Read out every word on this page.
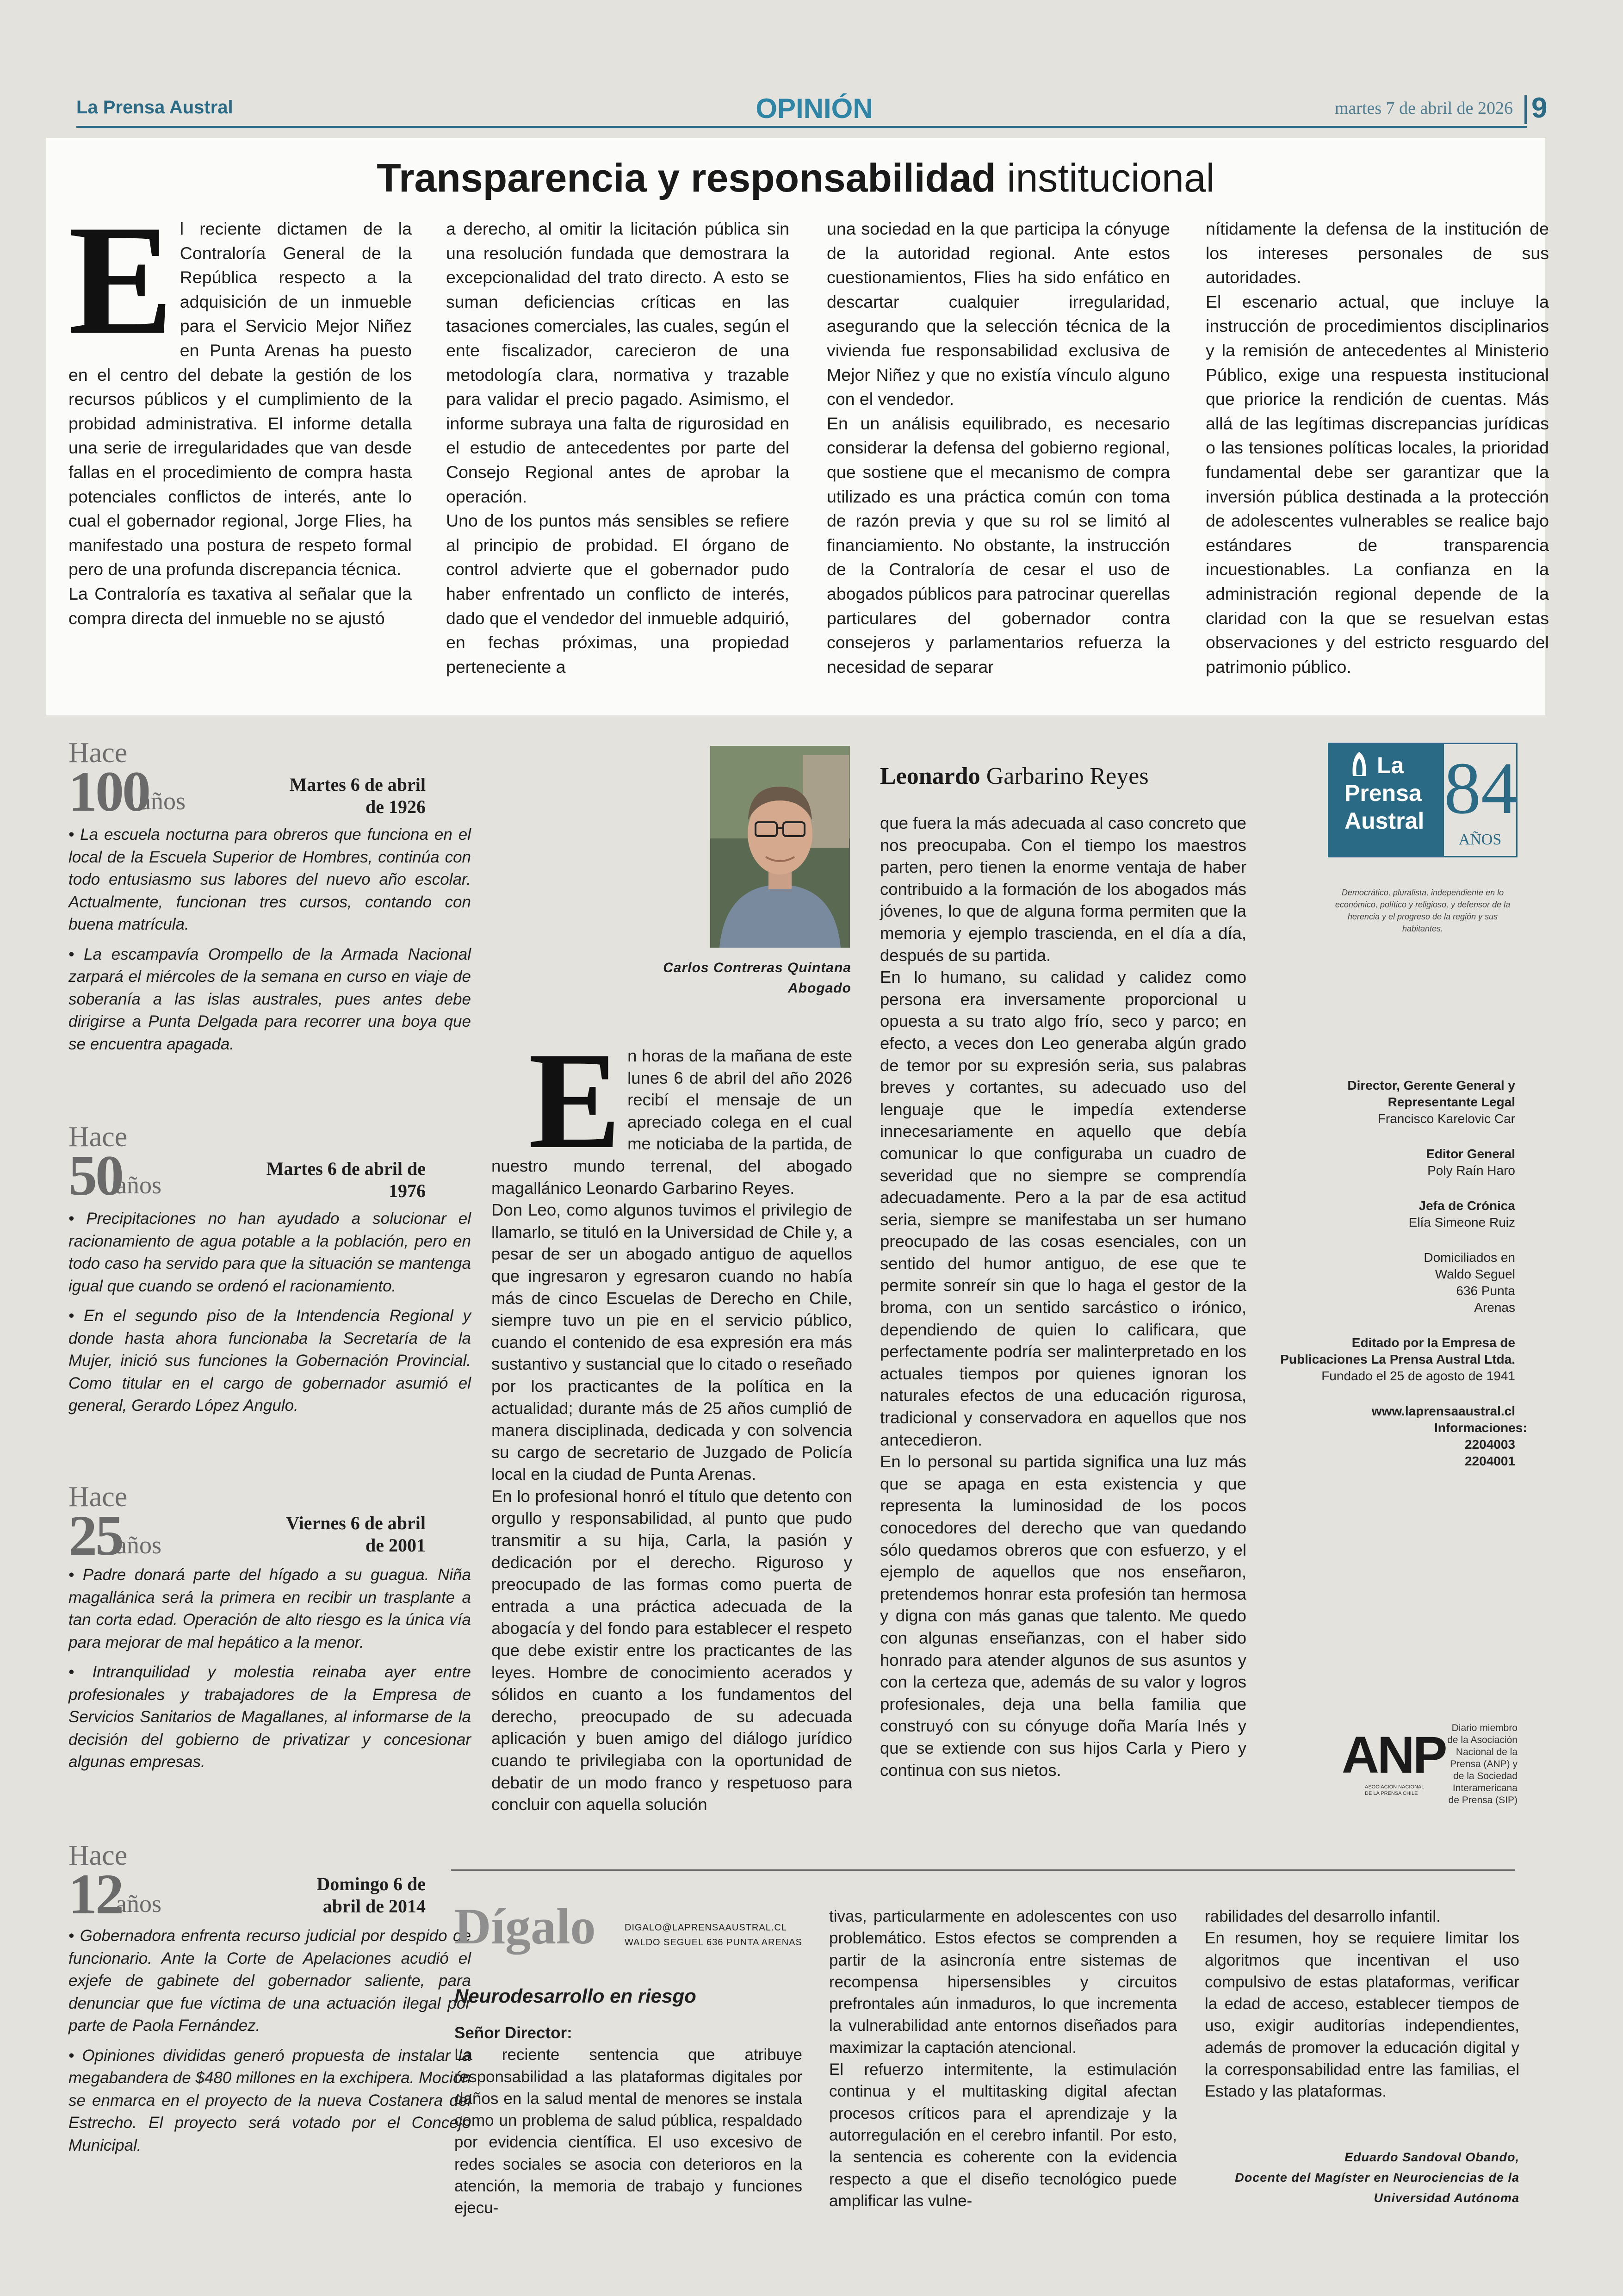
La Prensa Austral	OPINIÓN	martes 7 de abril de 2026 9
Transparencia y responsabilidad institucional
E l reciente dictamen de la Contraloría General de la República respecto a la adquisición de un inmueble para el Servicio Mejor Niñez en Punta Arenas ha puesto en el centro del debate la gestión de los recursos públicos y el cumplimiento de la probidad administrativa. El informe detalla una serie de irregularidades que van desde fallas en el procedimiento de compra hasta potenciales conflictos de interés, ante lo cual el gobernador regional, Jorge Flies, ha manifestado una postura de respeto formal pero de una profunda discrepancia técnica.

La Contraloría es taxativa al señalar que la compra directa del inmueble no se ajustó

a derecho, al omitir la licitación pública sin una resolución fundada que demostrara la excepcionalidad del trato directo. A esto se suman deficiencias críticas en las tasaciones comerciales, las cuales, según el ente fiscalizador, carecieron de una metodología clara, normativa y trazable para validar el precio pagado. Asimismo, el informe subraya una falta de rigurosidad en el estudio de antecedentes por parte del Consejo Regional antes de aprobar la operación.

Uno de los puntos más sensibles se refiere al principio de probidad. El órgano de control advierte que el gobernador pudo haber enfrentado un conflicto de interés, dado que el vendedor del inmueble adquirió, en fechas próximas, una propiedad perteneciente a

una sociedad en la que participa la cónyuge de la autoridad regional. Ante estos cuestionamientos, Flies ha sido enfático en descartar cualquier irregularidad, asegurando que la selección técnica de la vivienda fue responsabilidad exclusiva de Mejor Niñez y que no existía vínculo alguno con el vendedor.

En un análisis equilibrado, es necesario considerar la defensa del gobierno regional, que sostiene que el mecanismo de compra utilizado es una práctica común con toma de razón previa y que su rol se limitó al financiamiento. No obstante, la instrucción de la Contraloría de cesar el uso de abogados públicos para patrocinar querellas particulares del gobernador contra consejeros y parlamentarios refuerza la necesidad de separar

nítidamente la defensa de la institución de los intereses personales de sus autoridades.

El escenario actual, que incluye la instrucción de procedimientos disciplinarios y la remisión de antecedentes al Ministerio Público, exige una respuesta institucional que priorice la rendición de cuentas. Más allá de las legítimas discrepancias jurídicas o las tensiones políticas locales, la prioridad fundamental debe ser garantizar que la inversión pública destinada a la protección de adolescentes vulnerables se realice bajo estándares de transparencia incuestionables. La confianza en la administración regional depende de la claridad con la que se resuelvan estas observaciones y del estricto resguardo del patrimonio público.

Hace
100
años
Martes 6 de abril de 1926

• La escuela nocturna para obreros que funciona en el local de la Escuela Superior de Hombres, continúa con todo entusiasmo sus labores del nuevo año escolar. Actualmente, funcionan tres cursos, contando con buena matrícula.

• La escampavía Orompello de la Armada Nacional zarpará el miércoles de la semana en curso en viaje de soberanía a las islas australes, pues antes debe dirigirse a Punta Delgada para recorrer una boya que se encuentra apagada.

Hace
50
años
Martes 6 de abril de 1976

• Precipitaciones no han ayudado a solucionar el racionamiento de agua potable a la población, pero en todo caso ha servido para que la situación se mantenga igual que cuando se ordenó el racionamiento.

• En el segundo piso de la Intendencia Regional y donde hasta ahora funcionaba la Secretaría de la Mujer, inició sus funciones la Gobernación Provincial. Como titular en el cargo de gobernador asumió el general, Gerardo López Angulo.

Hace
25
años
Viernes 6 de abril de 2001

• Padre donará parte del hígado a su guagua. Niña magallánica será la primera en recibir un trasplante a tan corta edad. Operación de alto riesgo es la única vía para mejorar de mal hepático a la menor.

• Intranquilidad y molestia reinaba ayer entre profesionales y trabajadores de la Empresa de Servicios Sanitarios de Magallanes, al informarse de la decisión del gobierno de privatizar y concesionar algunas empresas.

Hace
12
años
Domingo 6 de abril de 2014

• Gobernadora enfrenta recurso judicial por despido de funcionario. Ante la Corte de Apelaciones acudió el exjefe de gabinete del gobernador saliente, para denunciar que fue víctima de una actuación ilegal por parte de Paola Fernández.

• Opiniones divididas generó propuesta de instalar la megabandera de $480 millones en la exchipera. Moción se enmarca en el proyecto de la nueva Costanera del Estrecho. El proyecto será votado por el Concejo Municipal.

Carlos Contreras Quintana
Abogado
Leonardo Garbarino Reyes
E n horas de la mañana de este lunes 6 de abril del año 2026 recibí el mensaje de un apreciado colega en el cual me noticiaba de la partida, de nuestro mundo terrenal, del abogado magallánico Leonardo Garbarino Reyes.

Don Leo, como algunos tuvimos el privilegio de llamarlo, se tituló en la Universidad de Chile y, a pesar de ser un abogado antiguo de aquellos que ingresaron y egresaron cuando no había más de cinco Escuelas de Derecho en Chile, siempre tuvo un pie en el servicio público, cuando el contenido de esa expresión era más sustantivo y sustancial que lo citado o reseñado por los practicantes de la política en la actualidad; durante más de 25 años cumplió de manera disciplinada, dedicada y con solvencia su cargo de secretario de Juzgado de Policía local en la ciudad de Punta Arenas.

En lo profesional honró el título que detento con orgullo y responsabilidad, al punto que pudo transmitir a su hija, Carla, la pasión y dedicación por el derecho. Riguroso y preocupado de las formas como puerta de entrada a una práctica adecuada de la abogacía y del fondo para establecer el respeto que debe existir entre los practicantes de las leyes. Hombre de conocimiento acerados y sólidos en cuanto a los fundamentos del derecho, preocupado de su adecuada aplicación y buen amigo del diálogo jurídico cuando te privilegiaba con la oportunidad de debatir de un modo franco y respetuoso para concluir con aquella solución

que fuera la más adecuada al caso concreto que nos preocupaba. Con el tiempo los maestros parten, pero tienen la enorme ventaja de haber contribuido a la formación de los abogados más jóvenes, lo que de alguna forma permiten que la memoria y ejemplo trascienda, en el día a día, después de su partida.

En lo humano, su calidad y calidez como persona era inversamente proporcional u opuesta a su trato algo frío, seco y parco; en efecto, a veces don Leo generaba algún grado de temor por su expresión seria, sus palabras breves y cortantes, su adecuado uso del lenguaje que le impedía extenderse innecesariamente en aquello que debía comunicar lo que configuraba un cuadro de severidad que no siempre se comprendía adecuadamente. Pero a la par de esa actitud seria, siempre se manifestaba un ser humano preocupado de las cosas esenciales, con un sentido del humor antiguo, de ese que te permite sonreír sin que lo haga el gestor de la broma, con un sentido sarcástico o irónico, dependiendo de quien lo calificara, que perfectamente podría ser malinterpretado en los actuales tiempos por quienes ignoran los naturales efectos de una educación rigurosa, tradicional y conservadora en aquellos que nos antecedieron.

En lo personal su partida significa una luz más que se apaga en esta existencia y que representa la luminosidad de los pocos conocedores del derecho que van quedando sólo quedamos obreros que con esfuerzo, y el ejemplo de aquellos que nos enseñaron, pretendemos honrar esta profesión tan hermosa y digna con más ganas que talento. Me quedo con algunas enseñanzas, con el haber sido honrado para atender algunos de sus asuntos y con la certeza que, además de su valor y logros profesionales, deja una bella familia que construyó con su cónyuge doña María Inés y que se extiende con sus hijos Carla y Piero y continua con sus nietos.

La
Prensa
Austral 84
AÑOS
Democrático, pluralista, independiente en lo económico, político y religioso, y defensor de la herencia y el progreso de la región y sus habitantes.
Director, Gerente General y Representante Legal
Francisco Karelovic Car
Editor General
Poly Raín Haro
Jefa de Crónica
Elía Simeone Ruiz
Domiciliados en
Waldo Seguel 636 Punta Arenas
Editado por la Empresa de Publicaciones La Prensa Austral Ltda.
Fundado el 25 de agosto de 1941
www.laprensaaustral.cl
Informaciones: 2204003 2204001
ANP
ASOCIACIÓN NACIONAL DE LA PRENSA CHILE
Diario miembro de la Asociación Nacional de la Prensa (ANP) y de la Sociedad Interamericana de Prensa (SIP)
Dígalo	DIGALO@LAPRENSAAUSTRAL.CL
WALDO SEGUEL 636 PUNTA ARENAS
Neurodesarrollo en riesgo

Señor Director:

La reciente sentencia que atribuye responsabilidad a las plataformas digitales por daños en la salud mental de menores se instala como un problema de salud pública, respaldado por evidencia científica. El uso excesivo de redes sociales se asocia con deterioros en la atención, la memoria de trabajo y funciones ejecu-

tivas, particularmente en adolescentes con uso problemático. Estos efectos se comprenden a partir de la asincronía entre sistemas de recompensa hipersensibles y circuitos prefrontales aún inmaduros, lo que incrementa la vulnerabilidad ante entornos diseñados para maximizar la captación atencional.

El refuerzo intermitente, la estimulación continua y el multitasking digital afectan procesos críticos para el aprendizaje y la autorregulación en el cerebro infantil. Por esto, la sentencia es coherente con la evidencia respecto a que el diseño tecnológico puede amplificar las vulne-

rabilidades del desarrollo infantil.

En resumen, hoy se requiere limitar los algoritmos que incentivan el uso compulsivo de estas plataformas, verificar la edad de acceso, establecer tiempos de uso, exigir auditorías independientes, además de promover la educación digital y la corresponsabilidad entre las familias, el Estado y las plataformas.

Eduardo Sandoval Obando,
Docente del Magíster en Neurociencias de la Universidad Autónoma
